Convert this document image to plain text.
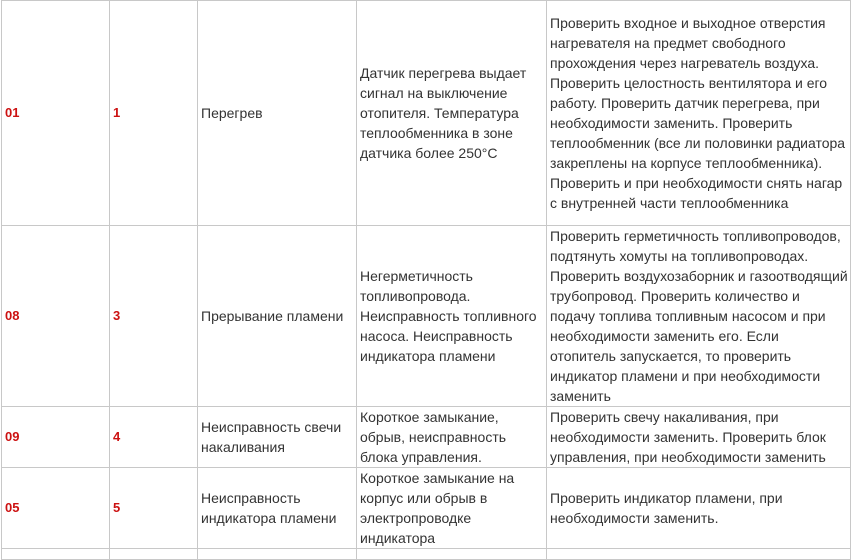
01	1	Перегрев	Датчик перегрева выдает сигнал на выключение отопителя. Температура теплообменника в зоне датчика более 250°С	Проверить входное и выходное отверстия нагревателя на предмет свободного прохождения через нагреватель воздуха. Проверить целостность вентилятора и его работу. Проверить датчик перегрева, при необходимости заменить. Проверить теплообменник (все ли половинки радиатора закреплены на корпусе теплообменника). Проверить и при необходимости снять нагар с внутренней части теплообменника
08	3	Прерывание пламени	Негерметичность топливопровода. Неисправность топливного насоса. Неисправность индикатора пламени	Проверить герметичность топливопроводов, подтянуть хомуты на топливопроводах. Проверить воздухозаборник и газоотводящий трубопровод. Проверить количество и подачу топлива топливным насосом и при необходимости заменить его. Если отопитель запускается, то проверить индикатор пламени и при необходимости заменить
09	4	Неисправность свечи накаливания	Короткое замыкание, обрыв, неисправность блока управления.	Проверить свечу накаливания, при необходимости заменить. Проверить блок управления, при необходимости заменить
05	5	Неисправность индикатора пламени	Короткое замыкание на корпус или обрыв в электропроводке индикатора	Проверить индикатор пламени, при необходимости заменить.
